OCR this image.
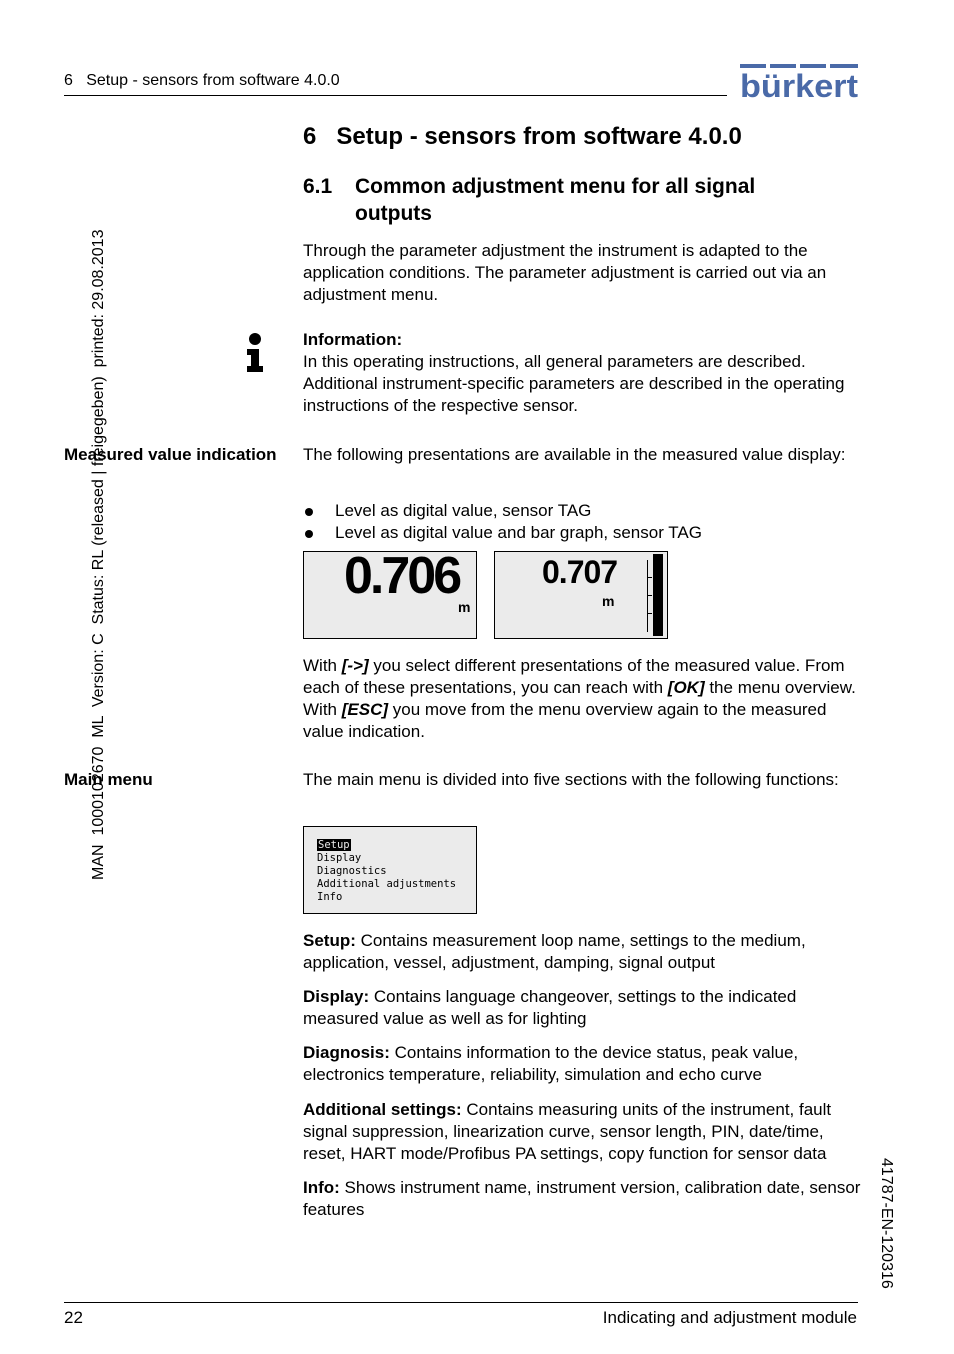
6   Setup - sensors from software 4.0.0	bürkert
MAN  1000102670  ML  Version: C  Status: RL (released | freigegeben)  printed: 29.08.2013
41787-EN-120316
6   Setup - sensors from software 4.0.0
6.1 Common adjustment menu for all signal outputs
Through the parameter adjustment the instrument is adapted to the application conditions. The parameter adjustment is carried out via an adjustment menu.
Information:
In this operating instructions, all general parameters are described. Additional instrument-specific parameters are described in the operating instructions of the respective sensor.
Measured value indication The following presentations are available in the measured value display:
Level as digital value, sensor TAG
Level as digital value and bar graph, sensor TAG
0.706
m
0.707
m
With [->] you select different presentations of the measured value. From each of these presentations, you can reach with [OK] the menu overview. With [ESC] you move from the menu overview again to the measured value indication.
Main menu	The main menu is divided into five sections with the following functions:
Setup
Display
Diagnostics
Additional adjustments
Info
Setup: Contains measurement loop name, settings to the medium, application, vessel, adjustment, damping, signal output
Display: Contains language changeover, settings to the indicated measured value as well as for lighting
Diagnosis: Contains information to the device status, peak value, electronics temperature, reliability, simulation and echo curve
Additional settings: Contains measuring units of the instrument, fault signal suppression, linearization curve, sensor length, PIN, date/time, reset, HART mode/Profibus PA settings, copy function for sensor data
Info: Shows instrument name, instrument version, calibration date, sensor features
22	Indicating and adjustment module
